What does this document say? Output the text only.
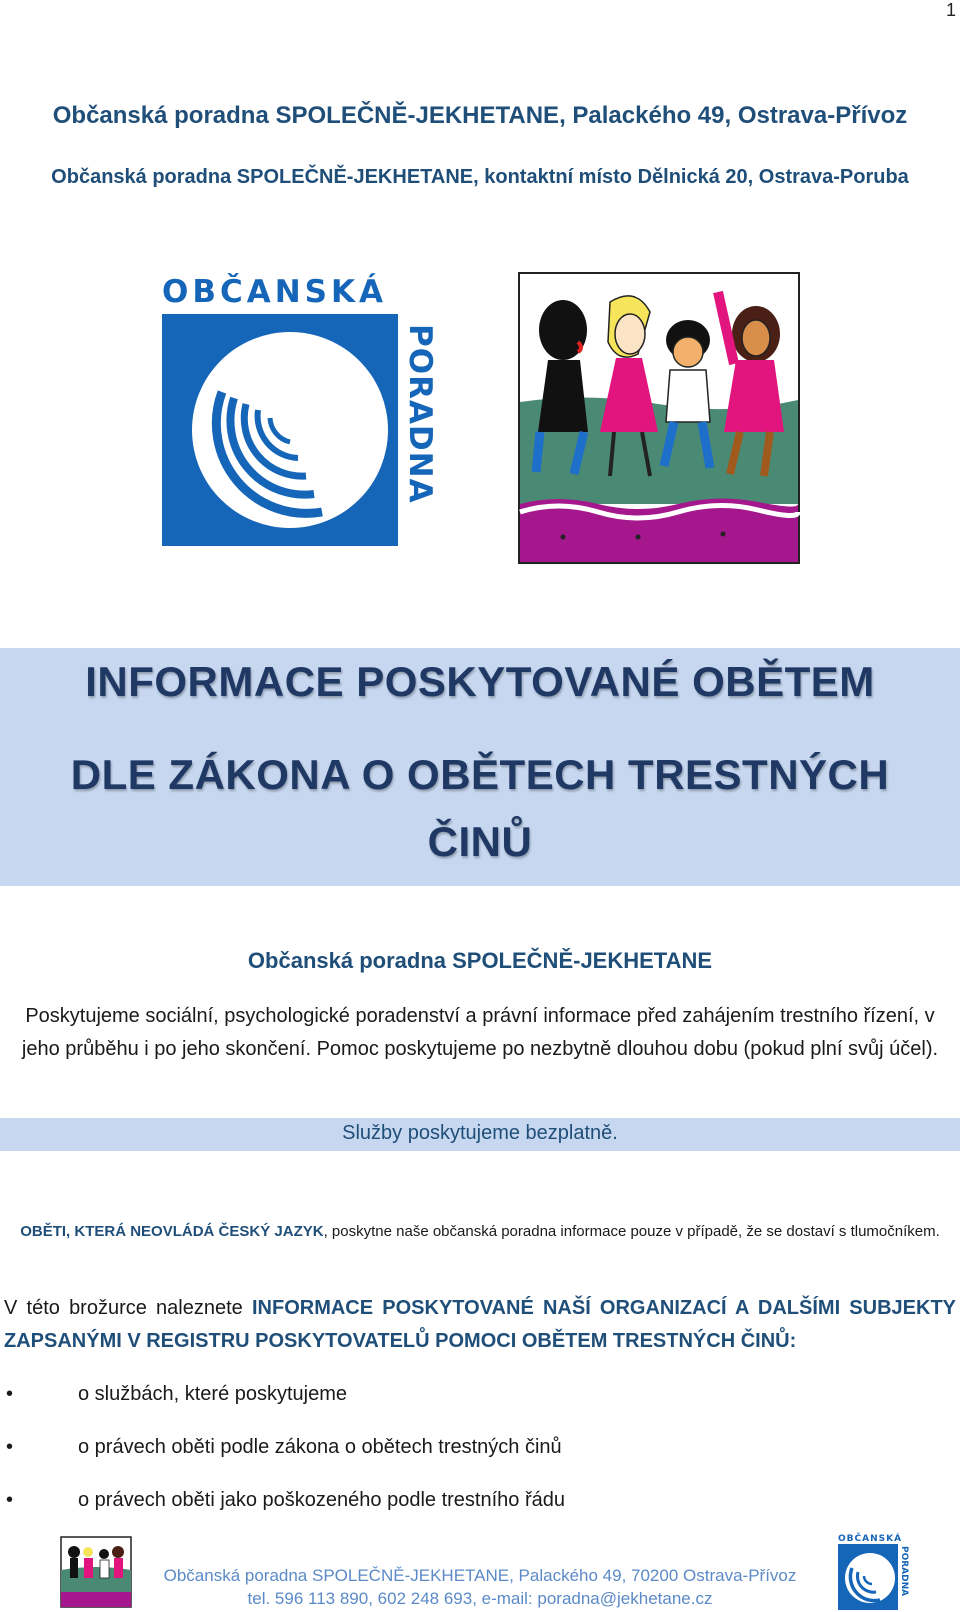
1
Občanská poradna SPOLEČNĚ-JEKHETANE, Palackého 49, Ostrava-Přívoz
Občanská poradna SPOLEČNĚ-JEKHETANE, kontaktní místo Dělnická 20, Ostrava-Poruba
OBČANSKÁ
PORADNA
INFORMACE POSKYTOVANÉ OBĚTEM
DLE ZÁKONA O OBĚTECH TRESTNÝCH
ČINŮ
Občanská poradna SPOLEČNĚ-JEKHETANE
Poskytujeme sociální, psychologické poradenství a právní informace před zahájením trestního řízení, v jeho průběhu i po jeho skončení. Pomoc poskytujeme po nezbytně dlouhou dobu (pokud plní svůj účel).
Služby poskytujeme bezplatně.
OBĚTI, KTERÁ NEOVLÁDÁ ČESKÝ JAZYK, poskytne naše občanská poradna informace pouze v případě, že se dostaví s tlumočníkem.
V této brožurce naleznete INFORMACE POSKYTOVANÉ NAŠÍ ORGANIZACÍ A DALŠÍMI SUBJEKTY ZAPSANÝMI V REGISTRU POSKYTOVATELŮ POMOCI OBĚTEM TRESTNÝCH ČINŮ:
•	o službách, které poskytujeme
•	o právech oběti podle zákona o obětech trestných činů
•	o právech oběti jako poškozeného podle trestního řádu
OBČANSKÁ
PORADNA
Občanská poradna SPOLEČNĚ-JEKHETANE, Palackého 49, 70200 Ostrava-Přívoz
tel. 596 113 890, 602 248 693, e-mail: poradna@jekhetane.cz
